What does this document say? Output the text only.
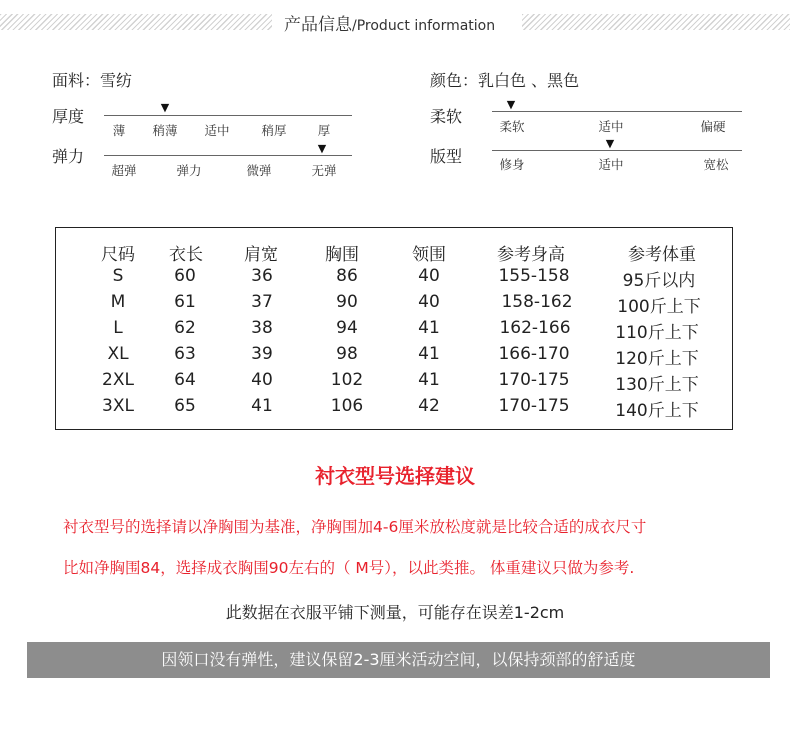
产品信息/Product information
面料：雪纺	颜色：乳白色 、黑色
厚度	▼
薄 稍薄 适中	稍厚 厚
弹力	▼
超弹	弹力	微弹	无弹
柔软
▼
柔软	适中	偏硬
版型
▼
修身	适中	宽松
尺码 衣长 肩宽	胸围	领围	参考身高	参考体重
S	60	36	86	40	155-158	95斤以内
M	61	37	90	40	158-162	100斤上下
L	62	38	94	41	162-166	110斤上下
XL	63	39	98	41	166-170	120斤上下
2XL 64	40	102	41	170-175	130斤上下
3XL 65	41	106	42	170-175	140斤上下
衬衣型号选择建议
衬衣型号的选择请以净胸围为基准，净胸围加4-6厘米放松度就是比较合适的成衣尺寸
比如净胸围84，选择成衣胸围90左右的（ M号），以此类推。 体重建议只做为参考.
此数据在衣服平铺下测量，可能存在误差1-2cm
因领口没有弹性，建议保留2-3厘米活动空间，以保持颈部的舒适度
